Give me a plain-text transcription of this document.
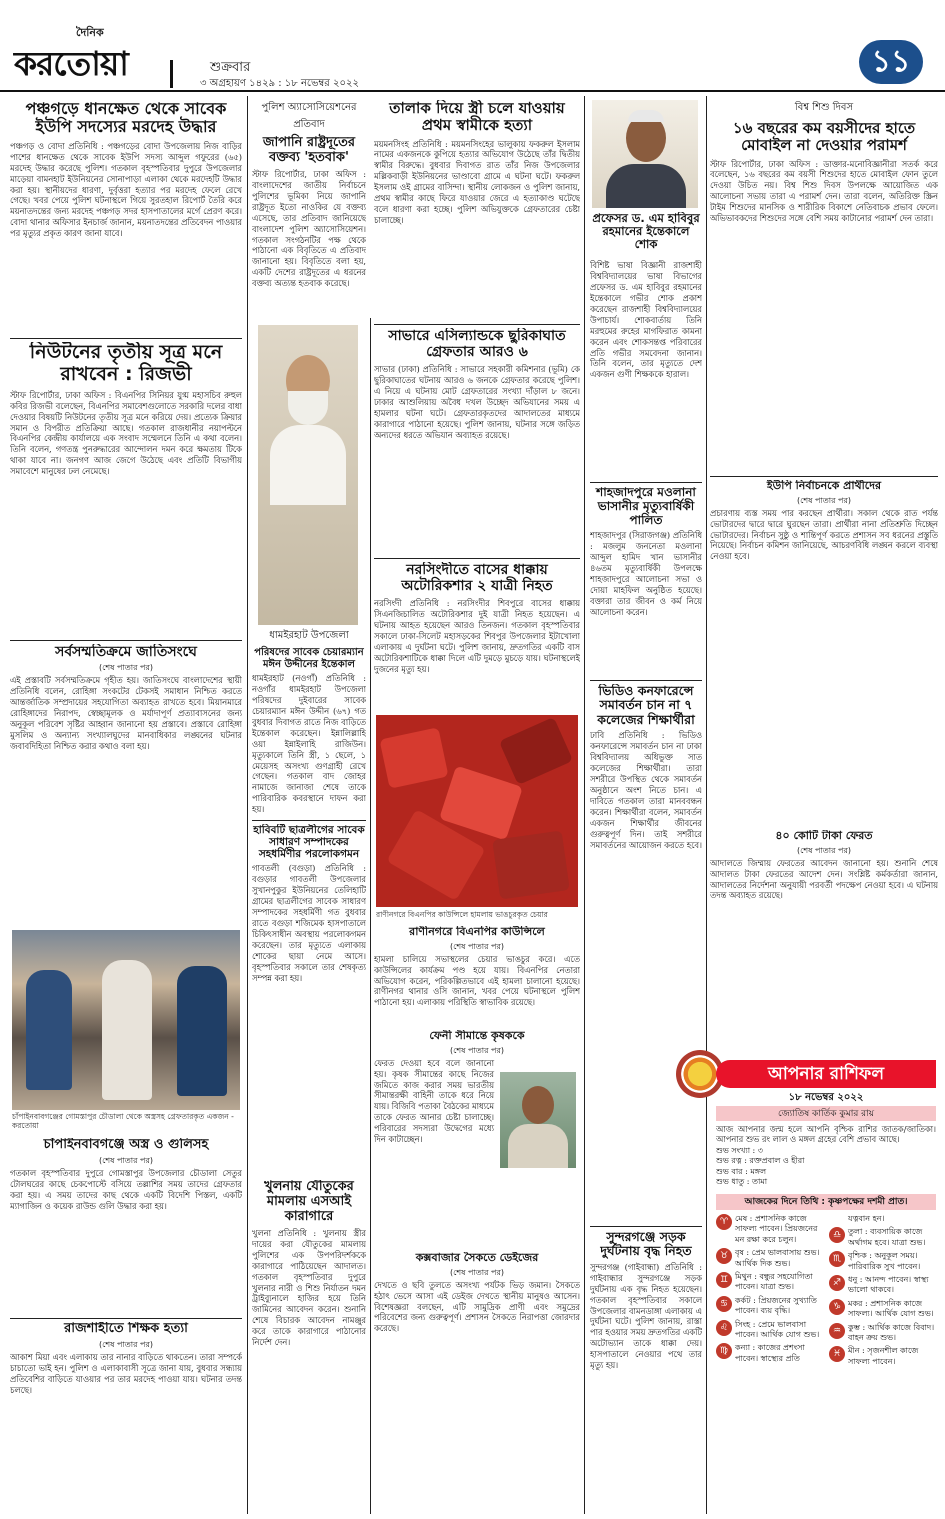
দৈনিক
করতোয়া	শুক্রবার
৩ অগ্রহায়ণ ১৪২৯ : ১৮ নভেম্বর ২০২২
১১
পঞ্চগড়ে ধানক্ষেত থেকে সাবেক ইউপি সদস্যের মরদেহ উদ্ধার
পঞ্চগড় ও বোদা প্রতিনিধি : পঞ্চগড়ের বোদা উপজেলায় নিজ বাড়ির পাশের ধানক্ষেত থেকে সাবেক ইউপি সদস্য আব্দুল গফুরের (৬৫) মরদেহ উদ্ধার করেছে পুলিশ। গতকাল বৃহস্পতিবার দুপুরে উপজেলার মাড়েয়া বামনহাট ইউনিয়নের সোনাপাড়া এলাকা থেকে মরদেহটি উদ্ধার করা হয়। স্থানীয়দের ধারণা, দুর্বৃত্তরা হত্যার পর মরদেহ ফেলে রেখে গেছে। খবর পেয়ে পুলিশ ঘটনাস্থলে গিয়ে সুরতহাল রিপোর্ট তৈরি করে ময়নাতদন্তের জন্য মরদেহ পঞ্চগড় সদর হাসপাতালের মর্গে প্রেরণ করে। বোদা থানার অফিসার ইনচার্জ জানান, ময়নাতদন্তের প্রতিবেদন পাওয়ার পর মৃত্যুর প্রকৃত কারণ জানা যাবে।
নিউটনের তৃতীয় সূত্র মনে রাখবেন : রিজভী
স্টাফ রিপোর্টার, ঢাকা অফিস : বিএনপির সিনিয়র যুগ্ম মহাসচিব রুহুল কবির রিজভী বলেছেন, বিএনপির সমাবেশগুলোতে সরকারি দলের বাধা দেওয়ার বিষয়টি নিউটনের তৃতীয় সূত্র মনে করিয়ে দেয়। প্রত্যেক ক্রিয়ার সমান ও বিপরীত প্রতিক্রিয়া আছে। গতকাল রাজধানীর নয়াপল্টনে বিএনপির কেন্দ্রীয় কার্যালয়ে এক সংবাদ সম্মেলনে তিনি এ কথা বলেন। তিনি বলেন, গণতন্ত্র পুনরুদ্ধারের আন্দোলন দমন করে ক্ষমতায় টিকে থাকা যাবে না। জনগণ আজ জেগে উঠেছে এবং প্রতিটি বিভাগীয় সমাবেশে মানুষের ঢল নেমেছে।
সর্বসম্মতিক্রমে জাতিসংঘে
(শেষ পাতার পর)
এই প্রস্তাবটি সর্বসম্মতিক্রমে গৃহীত হয়। জাতিসংঘে বাংলাদেশের স্থায়ী প্রতিনিধি বলেন, রোহিঙ্গা সংকটের টেকসই সমাধান নিশ্চিত করতে আন্তর্জাতিক সম্প্রদায়ের সহযোগিতা অব্যাহত রাখতে হবে। মিয়ানমারে রোহিঙ্গাদের নিরাপদ, স্বেচ্ছামূলক ও মর্যাদাপূর্ণ প্রত্যাবাসনের জন্য অনুকূল পরিবেশ সৃষ্টির আহ্বান জানানো হয় প্রস্তাবে। প্রস্তাবে রোহিঙ্গা মুসলিম ও অন্যান্য সংখ্যালঘুদের মানবাধিকার লঙ্ঘনের ঘটনার জবাবদিহিতা নিশ্চিত করার কথাও বলা হয়।
চাঁপাইনবাবগঞ্জের গোমস্তাপুর চৌডালা থেকে অস্ত্রসহ গ্রেফতারকৃত একজন - করতোয়া
চাঁপাইনবাবগঞ্জে অস্ত্র ও গুলিসহ
(শেষ পাতার পর)
গতকাল বৃহস্পতিবার দুপুরে গোমস্তাপুর উপজেলার চৌডালা সেতুর টোলঘরের কাছে চেকপোস্টে বসিয়ে তল্লাশির সময় তাদের গ্রেফতার করা হয়। এ সময় তাদের কাছ থেকে একটি বিদেশি পিস্তল, একটি ম্যাগাজিন ও কয়েক রাউন্ড গুলি উদ্ধার করা হয়।
রাজশাহীতে শিক্ষক হত্যা
(শেষ পাতার পর)
আকাশ মিয়া এবং এলাকায় তার নানার বাড়িতে থাকতেন। তারা সম্পর্কে চাচাতো ভাই হন। পুলিশ ও এলাকাবাসী সূত্রে জানা যায়, বুধবার সন্ধ্যায় প্রতিবেশির বাড়িতে যাওয়ার পর তার মরদেহ পাওয়া যায়। ঘটনার তদন্ত চলছে।
পুলিশ অ্যাসোসিয়েশনের প্রতিবাদ
জাপানি রাষ্ট্রদূতের বক্তব্য 'হতবাক'
স্টাফ রিপোর্টার, ঢাকা অফিস : বাংলাদেশের জাতীয় নির্বাচনে পুলিশের ভূমিকা নিয়ে জাপানি রাষ্ট্রদূত ইতো নাওকির যে বক্তব্য এসেছে, তার প্রতিবাদ জানিয়েছে বাংলাদেশ পুলিশ অ্যাসোসিয়েশন। গতকাল সংগঠনটির পক্ষ থেকে পাঠানো এক বিবৃতিতে এ প্রতিবাদ জানানো হয়। বিবৃতিতে বলা হয়, একটি দেশের রাষ্ট্রদূতের এ ধরনের বক্তব্য অত্যন্ত হতবাক করেছে।
ধামইরহাট উপজেলা
পরিষদের সাবেক চেয়ারম্যান মঈন উদ্দীনের ইন্তেকাল
ধামইরহাট (নওগাঁ) প্রতিনিধি : নওগাঁর ধামইরহাট উপজেলা পরিষদের দুইবারের সাবেক চেয়ারম্যান মঈন উদ্দীন (৬৭) গত বুধবার দিবাগত রাতে নিজ বাড়িতে ইন্তেকাল করেছেন। ইন্নালিল্লাহি ওয়া ইন্নাইলাহি রাজিউন। মৃত্যুকালে তিনি স্ত্রী, ১ ছেলে, ১ মেয়েসহ অসংখ্য গুণগ্রাহী রেখে গেছেন। গতকাল বাদ জোহর নামাজে জানাজা শেষে তাকে পারিবারিক কবরস্থানে দাফন করা হয়।
হাবিবটি ছাত্রলীগের সাবেক সাধারণ সম্পাদকের সহধর্মিণীর পরলোকগমন
গাবতলী (বগুড়া) প্রতিনিধি : বগুড়ার গাবতলী উপজেলার সুখানপুকুর ইউনিয়নের তেলিহাটি গ্রামের ছাত্রলীগের সাবেক সাধারণ সম্পাদকের সহধর্মিণী গত বুধবার রাতে বগুড়া শজিমেক হাসপাতালে চিকিৎসাধীন অবস্থায় পরলোকগমন করেছেন। তার মৃত্যুতে এলাকায় শোকের ছায়া নেমে আসে। বৃহস্পতিবার সকালে তার শেষকৃত্য সম্পন্ন করা হয়।
খুলনায় যৌতুকের মামলায় এসআই কারাগারে
খুলনা প্রতিনিধি : খুলনায় স্ত্রীর দায়ের করা যৌতুকের মামলায় পুলিশের এক উপপরিদর্শককে কারাগারে পাঠিয়েছেন আদালত। গতকাল বৃহস্পতিবার দুপুরে খুলনার নারী ও শিশু নির্যাতন দমন ট্রাইব্যুনালে হাজির হয়ে তিনি জামিনের আবেদন করেন। শুনানি শেষে বিচারক আবেদন নামঞ্জুর করে তাকে কারাগারে পাঠানোর নির্দেশ দেন।
তালাক দিয়ে স্ত্রী চলে যাওয়ায় প্রথম স্বামীকে হত্যা
ময়মনসিংহ প্রতিনিধি : ময়মনসিংহের ভালুকায় ফকরুল ইসলাম নামের একজনকে কুপিয়ে হত্যার অভিযোগ উঠেছে তাঁর দ্বিতীয় স্বামীর বিরুদ্ধে। বুধবার দিবাগত রাত তাঁর নিজ উপজেলার মল্লিকবাড়ী ইউনিয়নের ভাণ্ডাবো গ্রামে এ ঘটনা ঘটে। ফকরুল ইসলাম ওই গ্রামের বাসিন্দা। স্থানীয় লোকজন ও পুলিশ জানায়, প্রথম স্বামীর কাছে ফিরে যাওয়ার জেরে এ হত্যাকাণ্ড ঘটেছে বলে ধারণা করা হচ্ছে। পুলিশ অভিযুক্তকে গ্রেফতারের চেষ্টা চালাচ্ছে।
সাভারে এসিল্যান্ডকে ছুরিকাঘাত গ্রেফতার আরও ৬
সাভার (ঢাকা) প্রতিনিধি : সাভারে সহকারী কমিশনার (ভূমি) কে ছুরিকাঘাতের ঘটনায় আরও ৬ জনকে গ্রেফতার করেছে পুলিশ। এ নিয়ে এ ঘটনায় মোট গ্রেফতারের সংখ্যা দাঁড়াল ৮ জনে। ঢাকার আশুলিয়ায় অবৈধ দখল উচ্ছেদ অভিযানের সময় এ হামলার ঘটনা ঘটে। গ্রেফতারকৃতদের আদালতের মাধ্যমে কারাগারে পাঠানো হয়েছে। পুলিশ জানায়, ঘটনার সঙ্গে জড়িত অন্যদের ধরতে অভিযান অব্যাহত রয়েছে।
নরসিংদীতে বাসের ধাক্কায় অটোরিকশার ২ যাত্রী নিহত
নরসিংদী প্রতিনিধি : নরসিংদীর শিবপুরে বাসের ধাক্কায় সিএনজিচালিত অটোরিকশার দুই যাত্রী নিহত হয়েছেন। এ ঘটনায় আহত হয়েছেন আরও তিনজন। গতকাল বৃহস্পতিবার সকালে ঢাকা-সিলেট মহাসড়কের শিবপুর উপজেলার ইটাখোলা এলাকায় এ দুর্ঘটনা ঘটে। পুলিশ জানায়, দ্রুতগতির একটি বাস অটোরিকশাটিকে ধাক্কা দিলে এটি দুমড়ে মুচড়ে যায়। ঘটনাস্থলেই দুজনের মৃত্যু হয়।
রাণীনগরে বিএনপির কাউন্সিলে হামলায় ভাঙচুরকৃত চেয়ার
রাণীনগরে বিএনপির কাউন্সিলে
(শেষ পাতার পর)
হামলা চালিয়ে সভাস্থলের চেয়ার ভাঙচুর করে। এতে কাউন্সিলের কার্যক্রম পণ্ড হয়ে যায়। বিএনপির নেতারা অভিযোগ করেন, পরিকল্পিতভাবে এই হামলা চালানো হয়েছে। রাণীনগর থানার ওসি জানান, খবর পেয়ে ঘটনাস্থলে পুলিশ পাঠানো হয়। এলাকায় পরিস্থিতি স্বাভাবিক রয়েছে।
ফেনী সীমান্তে কৃষককে
(শেষ পাতার পর)
ফেরত দেওয়া হবে বলে জানানো হয়। কৃষক সীমান্তের কাছে নিজের জমিতে কাজ করার সময় ভারতীয় সীমান্তরক্ষী বাহিনী তাকে ধরে নিয়ে যায়। বিজিবি পতাকা বৈঠকের মাধ্যমে তাকে ফেরত আনার চেষ্টা চালাচ্ছে। পরিবারের সদস্যরা উদ্বেগের মধ্যে দিন কাটাচ্ছেন।
কক্সবাজার সৈকতে ডেইজের
(শেষ পাতার পর)
দেখতে ও ছবি তুলতে অসংখ্য পর্যটক ভিড় জমান। সৈকতে হঠাৎ ভেসে আসা এই ডেইজ দেখতে স্থানীয় মানুষও আসেন। বিশেষজ্ঞরা বলছেন, এটি সামুদ্রিক প্রাণী এবং সমুদ্রের পরিবেশের জন্য গুরুত্বপূর্ণ। প্রশাসন সৈকতে নিরাপত্তা জোরদার করেছে।
প্রফেসর ড. এম হাবিবুর রহমানের ইন্তেকালে শোক
বিশিষ্ট ভাষা বিজ্ঞানী রাজশাহী বিশ্ববিদ্যালয়ের ভাষা বিভাগের প্রফেসর ড. এম হাবিবুর রহমানের ইন্তেকালে গভীর শোক প্রকাশ করেছেন রাজশাহী বিশ্ববিদ্যালয়ের উপাচার্য। শোকবার্তায় তিনি মরহুমের রুহের মাগফিরাত কামনা করেন এবং শোকসন্তপ্ত পরিবারের প্রতি গভীর সমবেদনা জানান। তিনি বলেন, তার মৃত্যুতে দেশ একজন গুণী শিক্ষককে হারাল।
শাহজাদপুরে মওলানা ভাসানীর মৃত্যুবার্ষিকী পালিত
শাহজাদপুর (সিরাজগঞ্জ) প্রতিনিধি : মজলুম জননেতা মওলানা আব্দুল হামিদ খান ভাসানীর ৪৬তম মৃত্যুবার্ষিকী উপলক্ষে শাহজাদপুরে আলোচনা সভা ও দোয়া মাহফিল অনুষ্ঠিত হয়েছে। বক্তারা তার জীবন ও কর্ম নিয়ে আলোচনা করেন।
ভিডিও কনফারেন্সে সমাবর্তন চান না ৭ কলেজের শিক্ষার্থীরা
ঢাবি প্রতিনিধি : ভিডিও কনফারেন্সে সমাবর্তন চান না ঢাকা বিশ্ববিদ্যালয় অধিভুক্ত সাত কলেজের শিক্ষার্থীরা। তারা সশরীরে উপস্থিত থেকে সমাবর্তন অনুষ্ঠানে অংশ নিতে চান। এ দাবিতে গতকাল তারা মানববন্ধন করেন। শিক্ষার্থীরা বলেন, সমাবর্তন একজন শিক্ষার্থীর জীবনের গুরুত্বপূর্ণ দিন। তাই সশরীরে সমাবর্তনের আয়োজন করতে হবে।
সুন্দরগঞ্জে সড়ক দুর্ঘটনায় বৃদ্ধ নিহত
সুন্দরগঞ্জ (গাইবান্ধা) প্রতিনিধি : গাইবান্ধার সুন্দরগঞ্জে সড়ক দুর্ঘটনায় এক বৃদ্ধ নিহত হয়েছেন। গতকাল বৃহস্পতিবার সকালে উপজেলার বামনডাঙ্গা এলাকায় এ দুর্ঘটনা ঘটে। পুলিশ জানায়, রাস্তা পার হওয়ার সময় দ্রুতগতির একটি অটোভ্যান তাকে ধাক্কা দেয়। হাসপাতালে নেওয়ার পথে তার মৃত্যু হয়।
বিশ্ব শিশু দিবস
১৬ বছরের কম বয়সীদের হাতে মোবাইল না দেওয়ার পরামর্শ
স্টাফ রিপোর্টার, ঢাকা অফিস : ডাক্তার-মনোবিজ্ঞানীরা সতর্ক করে বলেছেন, ১৬ বছরের কম বয়সী শিশুদের হাতে মোবাইল ফোন তুলে দেওয়া উচিত নয়। বিশ্ব শিশু দিবস উপলক্ষে আয়োজিত এক আলোচনা সভায় তারা এ পরামর্শ দেন। তারা বলেন, অতিরিক্ত স্ক্রিন টাইম শিশুদের মানসিক ও শারীরিক বিকাশে নেতিবাচক প্রভাব ফেলে। অভিভাবকদের শিশুদের সঙ্গে বেশি সময় কাটানোর পরামর্শ দেন তারা।
ইউপি নির্বাচনকে প্রার্থীদের
(শেষ পাতার পর)
প্রচারণায় ব্যস্ত সময় পার করছেন প্রার্থীরা। সকাল থেকে রাত পর্যন্ত ভোটারদের দ্বারে দ্বারে ঘুরছেন তারা। প্রার্থীরা নানা প্রতিশ্রুতি দিচ্ছেন ভোটারদের। নির্বাচন সুষ্ঠু ও শান্তিপূর্ণ করতে প্রশাসন সব ধরনের প্রস্তুতি নিয়েছে। নির্বাচন কমিশন জানিয়েছে, আচরণবিধি লঙ্ঘন করলে ব্যবস্থা নেওয়া হবে।
৪০ কোটি টাকা ফেরত
(শেষ পাতার পর)
আদালতে জিম্মায় ফেরতের আবেদন জানানো হয়। শুনানি শেষে আদালত টাকা ফেরতের আদেশ দেন। সংশ্লিষ্ট কর্মকর্তারা জানান, আদালতের নির্দেশনা অনুযায়ী পরবর্তী পদক্ষেপ নেওয়া হবে। এ ঘটনায় তদন্ত অব্যাহত রয়েছে।
আপনার রাশিফল
১৮ নভেম্বর ২০২২
জ্যোতিষ কার্তিক কুমার রায়
আজ আপনার জন্ম হলে আপনি বৃশ্চিক রাশির জাতক/জাতিকা। আপনার শুভ রং লাল ও মঙ্গল গ্রহের বেশি প্রভাব আছে।
শুভ সংখ্যা : ৩
শুভ রত্ন : রক্তপ্রবাল ও হীরা
শুভ বার : মঙ্গল
শুভ ধাতু : তামা
আজকের দিনে তিথি : কৃষ্ণপক্ষের দশমী প্রাত।
♈ মেষ : প্রশাসনিক কাজে সাফল্য পাবেন। প্রিয়জনের মন রক্ষা করে চলুন।
♉ বৃষ : প্রেম ভালবাসায় শুভ। আর্থিক দিক শুভ।
♊ মিথুন : বন্ধুর সহযোগিতা পাবেন। যাত্রা শুভ।
♋ কর্কট : প্রিয়জনের সুখ্যাতি পাবেন। ব্যয় বৃদ্ধি।
♌ সিংহ : প্রেমে ভালবাসা পাবেন। আর্থিক যোগ শুভ।
♍ কন্যা : কাজের প্রশংসা পাবেন। স্বাস্থ্যের প্রতি যত্নবান হন।
♎ তুলা : ব্যবসায়িক কাজে অর্থাগম হবে। যাত্রা শুভ।
♏ বৃশ্চিক : অনুকূল সময়। পারিবারিক সুখ পাবেন।
♐ ধনু : আনন্দ পাবেন। স্বাস্থ্য ভালো থাকবে।
♑ মকর : প্রশাসনিক কাজে সাফল্য। আর্থিক যোগ শুভ।
♒ কুম্ভ : আর্থিক কাজে বিবাদ। বাহন ক্রয় শুভ।
♓ মীন : সৃজনশীল কাজে সাফল্য পাবেন।
